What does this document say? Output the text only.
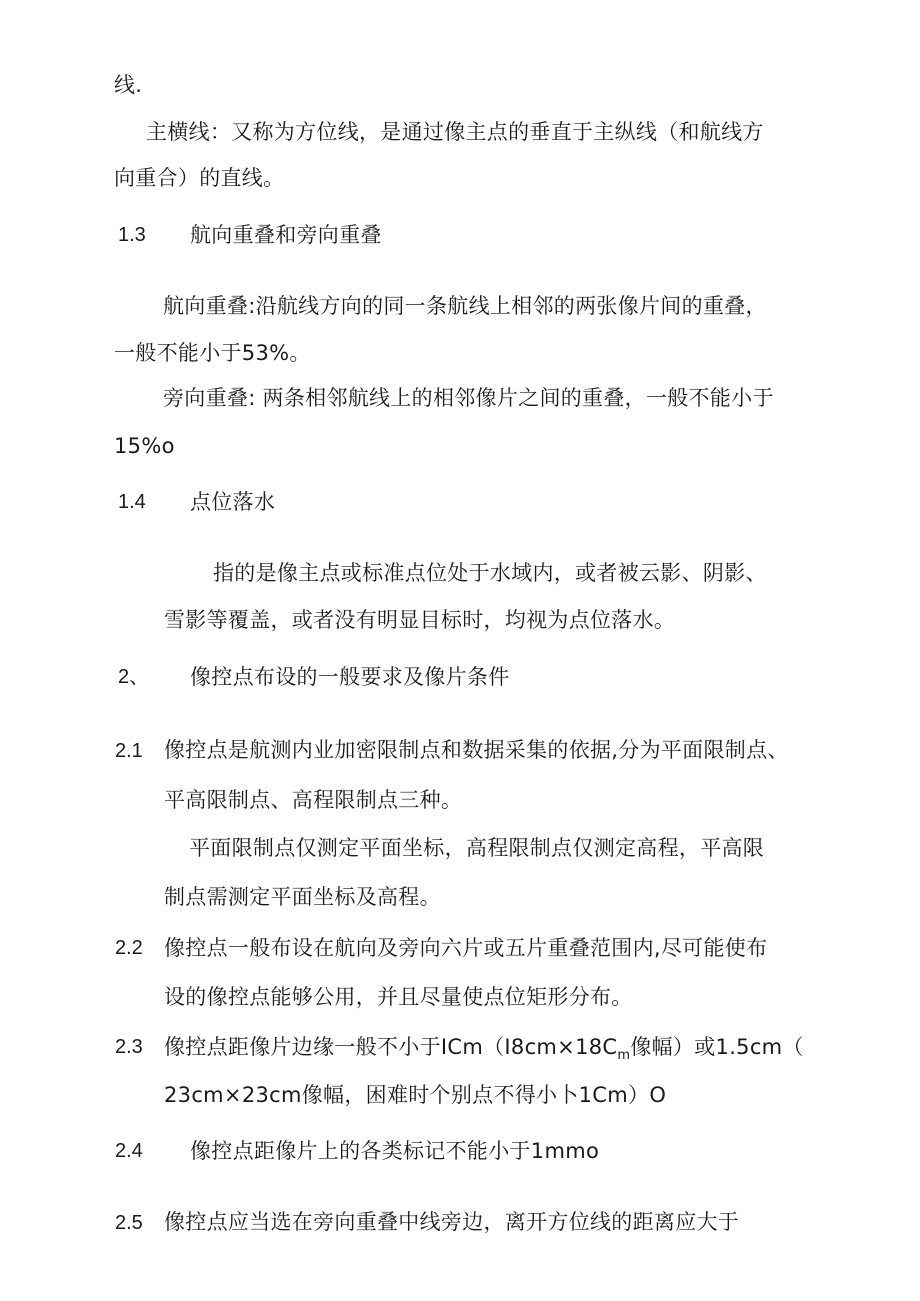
线.
主横线：又称为方位线，是通过像主点的垂直于主纵线（和航线方
向重合）的直线。
1.3 航向重叠和旁向重叠
航向重叠:沿航线方向的同一条航线上相邻的两张像片间的重叠，
一般不能小于53%。
旁向重叠: 两条相邻航线上的相邻像片之间的重叠，一般不能小于
15%o
1.4 点位落水
指的是像主点或标准点位处于水域内，或者被云影、阴影、
雪影等覆盖，或者没有明显目标时，均视为点位落水。
2、 像控点布设的一般要求及像片条件
2.1 像控点是航测内业加密限制点和数据采集的依据,分为平面限制点、
平高限制点、高程限制点三种。
平面限制点仅测定平面坐标，高程限制点仅测定高程，平高限
制点需测定平面坐标及高程。
2.2 像控点一般布设在航向及旁向六片或五片重叠范围内,尽可能使布
设的像控点能够公用，并且尽量使点位矩形分布。
2.3 像控点距像片边缘一般不小于$ICm(I8cm\times 18C_m$像幅）或1.5cm（
23cm×23cm像幅，困难时个别点不得小卜1Cm）O
2.4 像控点距像片上的各类标记不能小于1mmo
2.5 像控点应当选在旁向重叠中线旁边，离开方位线的距离应大于
